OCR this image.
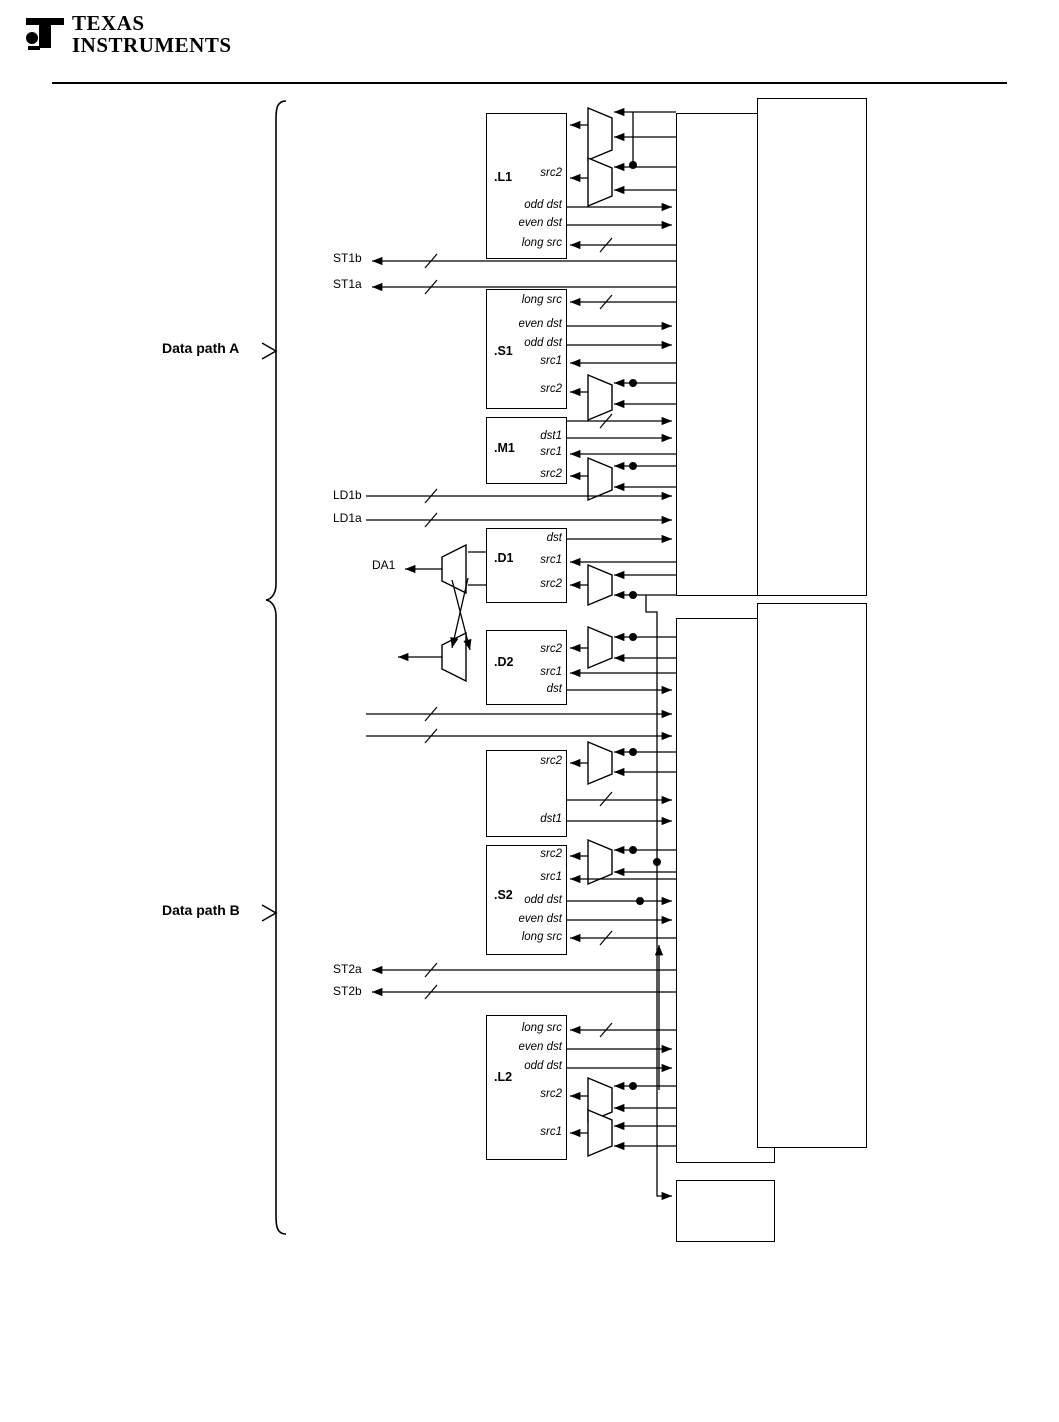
TEXAS
INSTRUMENTS
Data path A
Data path B
.L1
.S1
.M1
.D1
.D2
.S2
.L2
src2
odd dst
even dst
long src
long src
even dst
odd dst
src1
src2
dst1
src1
src2
dst
src1
src2
src2
src1
dst
src2
dst1
src2
src1
odd dst
even dst
long src
long src
even dst
odd dst
src2
src1
ST1b
ST1a
LD1b
LD1a
DA1
ST2a
ST2b
